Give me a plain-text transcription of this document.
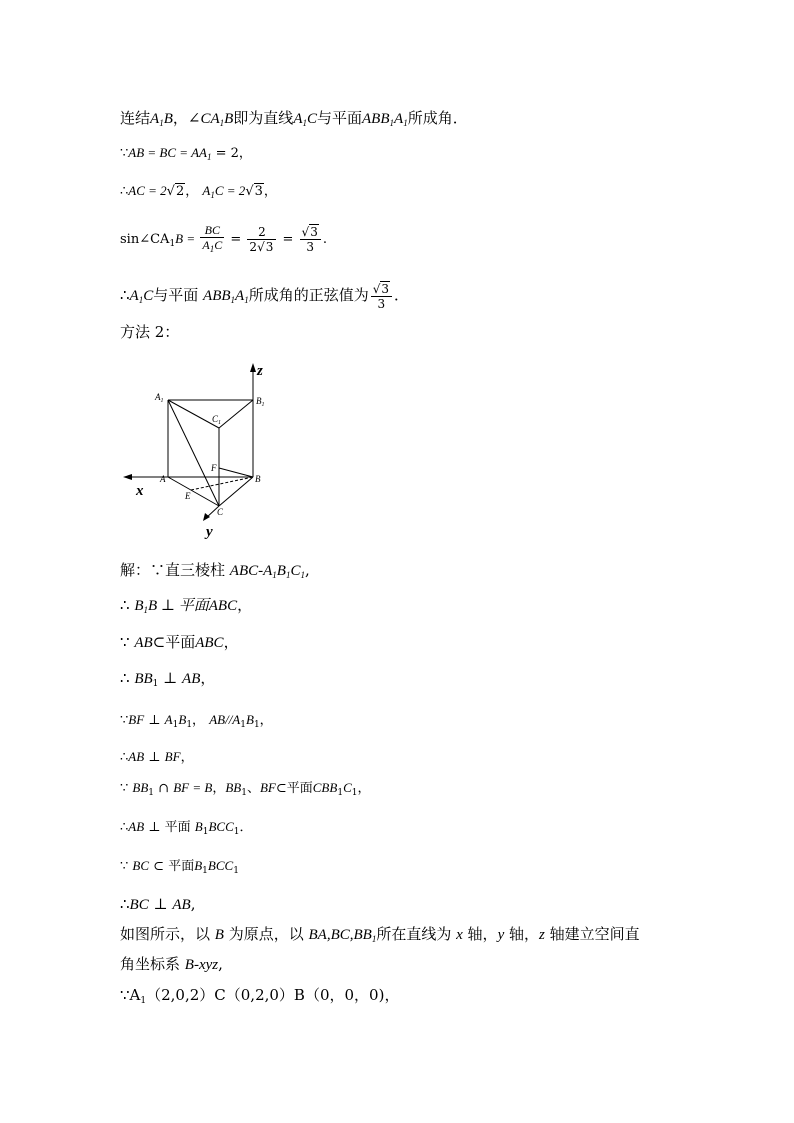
连结$A_1B$，$\angle CA_1B$即为直线$A_1C$与平面$ABB_1A_1$所成角．
∵AB = BC = $AA_1 = 2$，
∴AC = 2√2， $A_1C = 2√3$，
$\sin\angle CA_1B = \frac{BC}{A_1C} = \frac{2}{2√3} = \frac{√3}{3}$ .
$\therefore A_1C$与平面 $ABB_1A_1$所成角的正弦值为 $\frac{√3}{3}$ ．
方法 2：
$A_1$	$B_1$
$C_1$
F
A	B
E
C
x
y
z
解：∵直三棱柱 ABC-$A_1B_1C_1$,
∴ $B_1B$ ⊥ 平面ABC，
∵ AB⊂平面ABC，
∴ $BB_1$ ⊥ AB，
∵BF ⊥ $A_1B_1$， $AB//A_1B_1$，
∴AB ⊥ BF，
∵ $BB_1$ ∩ BF = B，$BB_1$、BF⊂平面$CBB_1C_1$，
∴AB ⊥ 平面 $B_1BCC_1$．
∵ BC ⊂ 平面$B_1BCC_1$
∴BC ⊥ AB,
如图所示，以 B 为原点，以 $BA,BC,BB_1$所在直线为 x 轴，y 轴，z 轴建立空间直
角坐标系 B-xyz,
$\because A_1(2,0,2)C(0,2,0)B(0$，0，0)，
